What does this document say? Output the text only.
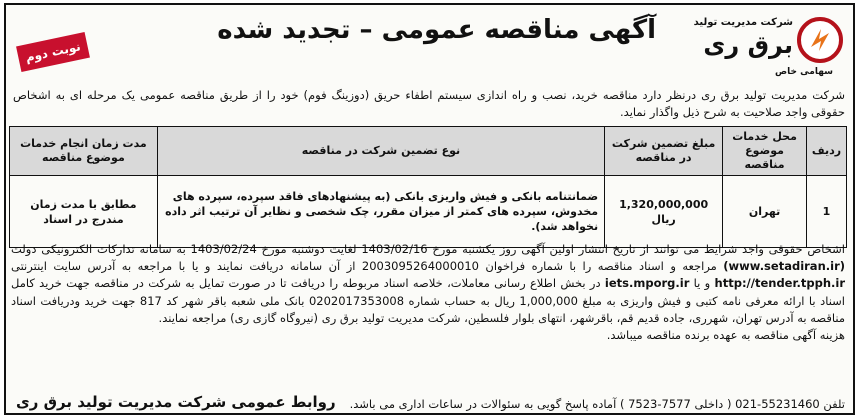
شرکت مدیریت تولید
برق ری
سهامی خاص
آگهی مناقصه عمومی – تجدید شده
نوبت دوم
شرکت مدیریت تولید برق ری درنظر دارد مناقصه خرید، نصب و راه اندازی سیستم اطفاء حریق (دوزینگ فوم) خود را از طریق مناقصه عمومی یک مرحله ای به اشخاص حقوقی واجد صلاحیت به شرح ذیل واگذار نماید.
ردیف	محل خدمات موضوع مناقصه	مبلغ تضمین شرکت در مناقصه	نوع تضمین شرکت در مناقصه	مدت زمان انجام خدمات موضوع مناقصه
1	تهران	1,320,000,000 ریال	ضمانتنامه بانکی و فیش واریزی بانکی (به پیشنهادهای فاقد سپرده، سپرده های مخدوش، سپرده های کمتر از میزان مقرر، چک شخصی و نظایر آن ترتیب اثر داده نخواهد شد).	مطابق با مدت زمان مندرج در اسناد

اشخاص حقوقی واجد شرایط می توانند از تاریخ انتشار اولین آگهی روز یکشنبه مورخ 1403/02/16 لغایت دوشنبه مورخ 1403/02/24 به سامانه تدارکات الکترونیکی دولت (www.setadiran.ir) مراجعه و اسناد مناقصه را با شماره فراخوان 2003095264000010 از آن سامانه دریافت نمایند و یا با مراجعه به آدرس سایت اینترنتی http://tender.tpph.ir و یا iets.mporg.ir در بخش اطلاع رسانی معاملات، خلاصه اسناد مربوطه را دریافت تا در صورت تمایل به شرکت در مناقصه جهت خرید کامل اسناد با ارائه معرفی نامه کتبی و فیش واریزی به مبلغ 1,000,000 ریال به حساب شماره 0202017353008 بانک ملی شعبه باقر شهر کد 817 جهت خرید ودریافت اسناد مناقصه به آدرس تهران، شهرری، جاده قدیم قم، باقرشهر، انتهای بلوار فلسطین، شرکت مدیریت تولید برق ری (نیروگاه گازی ری) مراجعه نمایند.

هزینه آگهی مناقصه به عهده برنده مناقصه میباشد.

تلفن 55231460-021 ( داخلی 7577-7523 ) آماده پاسخ گویی به سئوالات در ساعات اداری می باشد.
روابط عمومی شرکت مدیریت تولید برق ری
